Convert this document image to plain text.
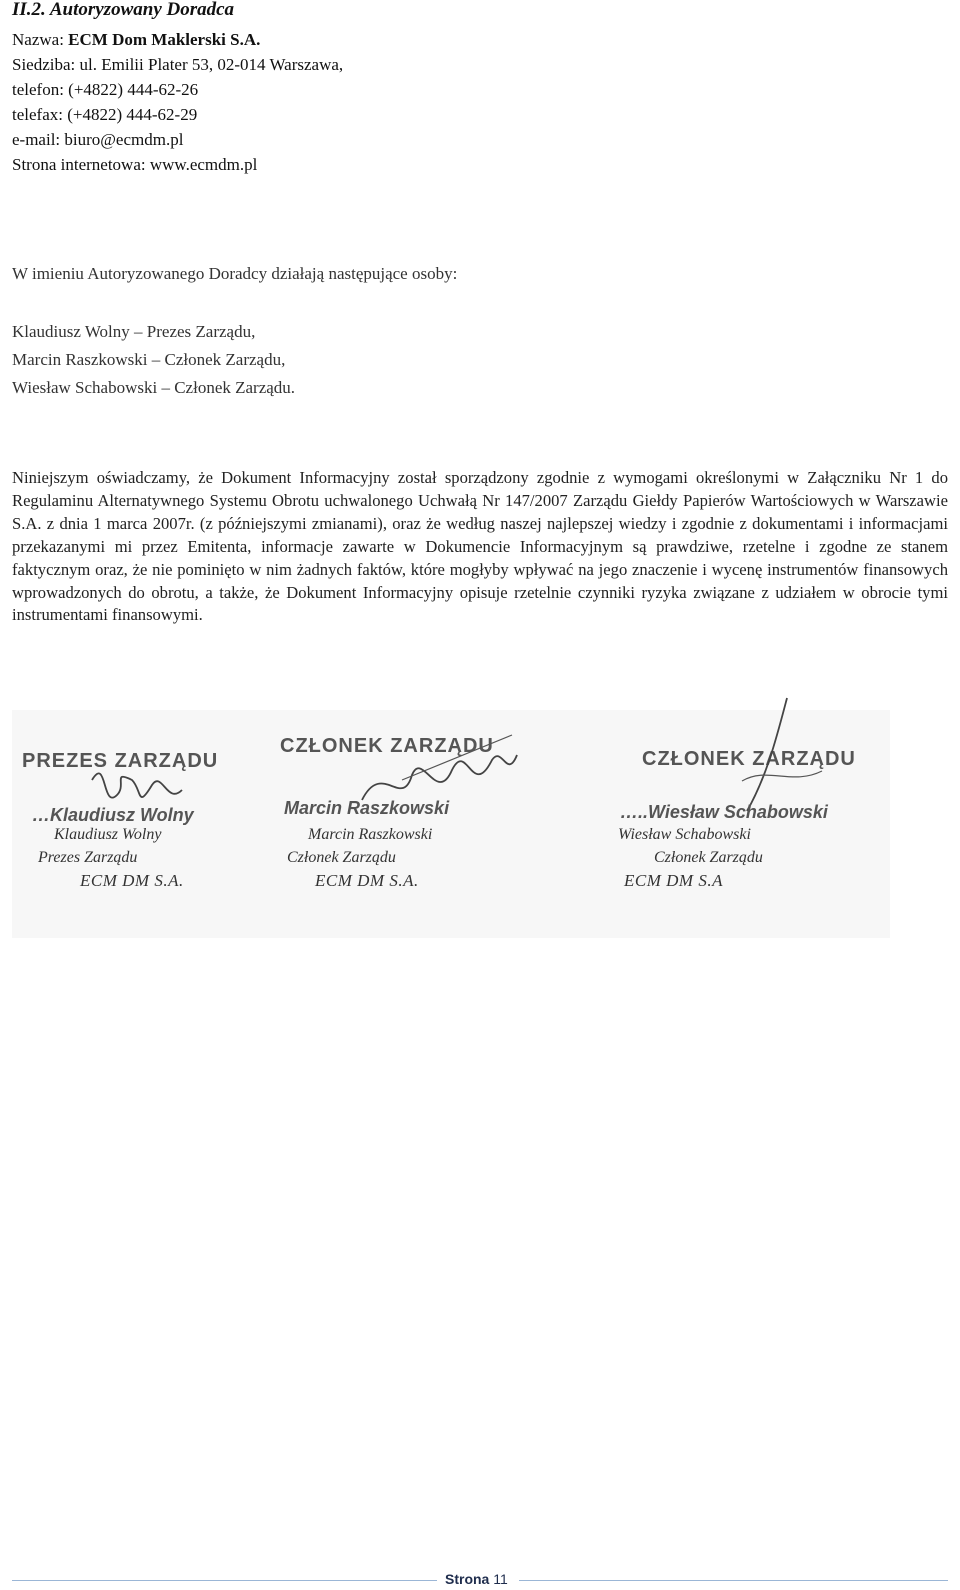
II.2. Autoryzowany Doradca
Nazwa: ECM Dom Maklerski S.A.
Siedziba: ul. Emilii Plater 53, 02-014 Warszawa,
telefon: (+4822) 444-62-26
telefax: (+4822) 444-62-29
e-mail: biuro@ecmdm.pl
Strona internetowa: www.ecmdm.pl
W imieniu Autoryzowanego Doradcy działają następujące osoby:
Klaudiusz Wolny – Prezes Zarządu,
Marcin Raszkowski – Członek Zarządu,
Wiesław Schabowski – Członek Zarządu.
Niniejszym oświadczamy, że Dokument Informacyjny został sporządzony zgodnie z wymogami określonymi w Załączniku Nr 1 do Regulaminu Alternatywnego Systemu Obrotu uchwalonego Uchwałą Nr 147/2007 Zarządu Giełdy Papierów Wartościowych w Warszawie S.A. z dnia 1 marca 2007r. (z późniejszymi zmianami), oraz że według naszej najlepszej wiedzy i zgodnie z dokumentami i informacjami przekazanymi mi przez Emitenta, informacje zawarte w Dokumencie Informacyjnym są prawdziwe, rzetelne i zgodne ze stanem faktycznym oraz, że nie pominięto w nim żadnych faktów, które mogłyby wpływać na jego znaczenie i wycenę instrumentów finansowych wprowadzonych do obrotu, a także, że Dokument Informacyjny opisuje rzetelnie czynniki ryzyka związane z udziałem w obrocie tymi instrumentami finansowymi.
PREZES ZARZĄDU
…Klaudiusz Wolny
Klaudiusz Wolny
Prezes Zarządu
ECM DM S.A.
CZŁONEK ZARZĄDU
Marcin Raszkowski
Marcin Raszkowski
Członek Zarządu
ECM DM S.A.
CZŁONEK ZARZĄDU
…..Wiesław Schabowski
Wiesław Schabowski
Członek Zarządu
ECM DM S.A
Strona 11
